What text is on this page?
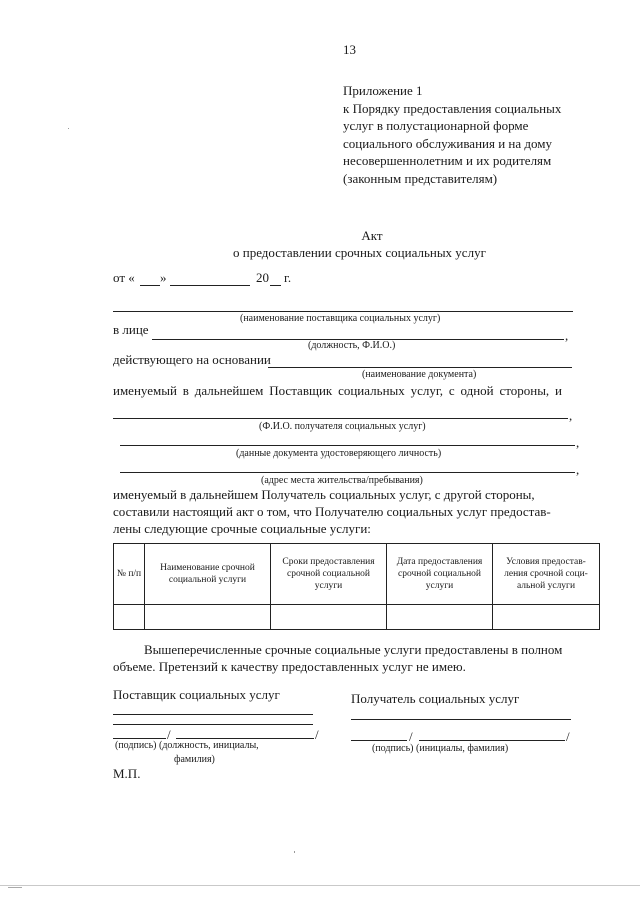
13
Приложение 1
к Порядку предоставления социальных
услуг в полустационарной форме
социального обслуживания и на дому
несовершеннолетним и их родителям
(законным представителям)
Акт
о предоставлении срочных социальных услуг
от « »	20 г.
(наименование поставщика социальных услуг)
в лице	,
(должность, Ф.И.О.)
действующего на основании
(наименование документа)
именуемый в дальнейшем Поставщик социальных услуг, с одной стороны, и
,
(Ф.И.О. получателя социальных услуг)
,
(данные документа удостоверяющего личность)
,
(адрес места жительства/пребывания)
именуемый в дальнейшем Получатель социальных услуг, с другой стороны,
составили настоящий акт о том, что Получателю социальных услуг предостав-
лены следующие срочные социальные услуги:
№ п/п	Наименование срочной социальной услуги	Сроки предоставления срочной социальной услуги	Дата предоставления срочной социальной услуги	Условия предостав-ления срочной соци-альной услуги

Вышеперечисленные срочные социальные услуги предоставлены в полном
объеме. Претензий к качеству предоставленных услуг не имею.
Поставщик социальных услуг
/	/
(подпись) (должность, инициалы,
фамилия)
М.П.
Получатель социальных услуг
/	/
(подпись) (инициалы, фамилия)
